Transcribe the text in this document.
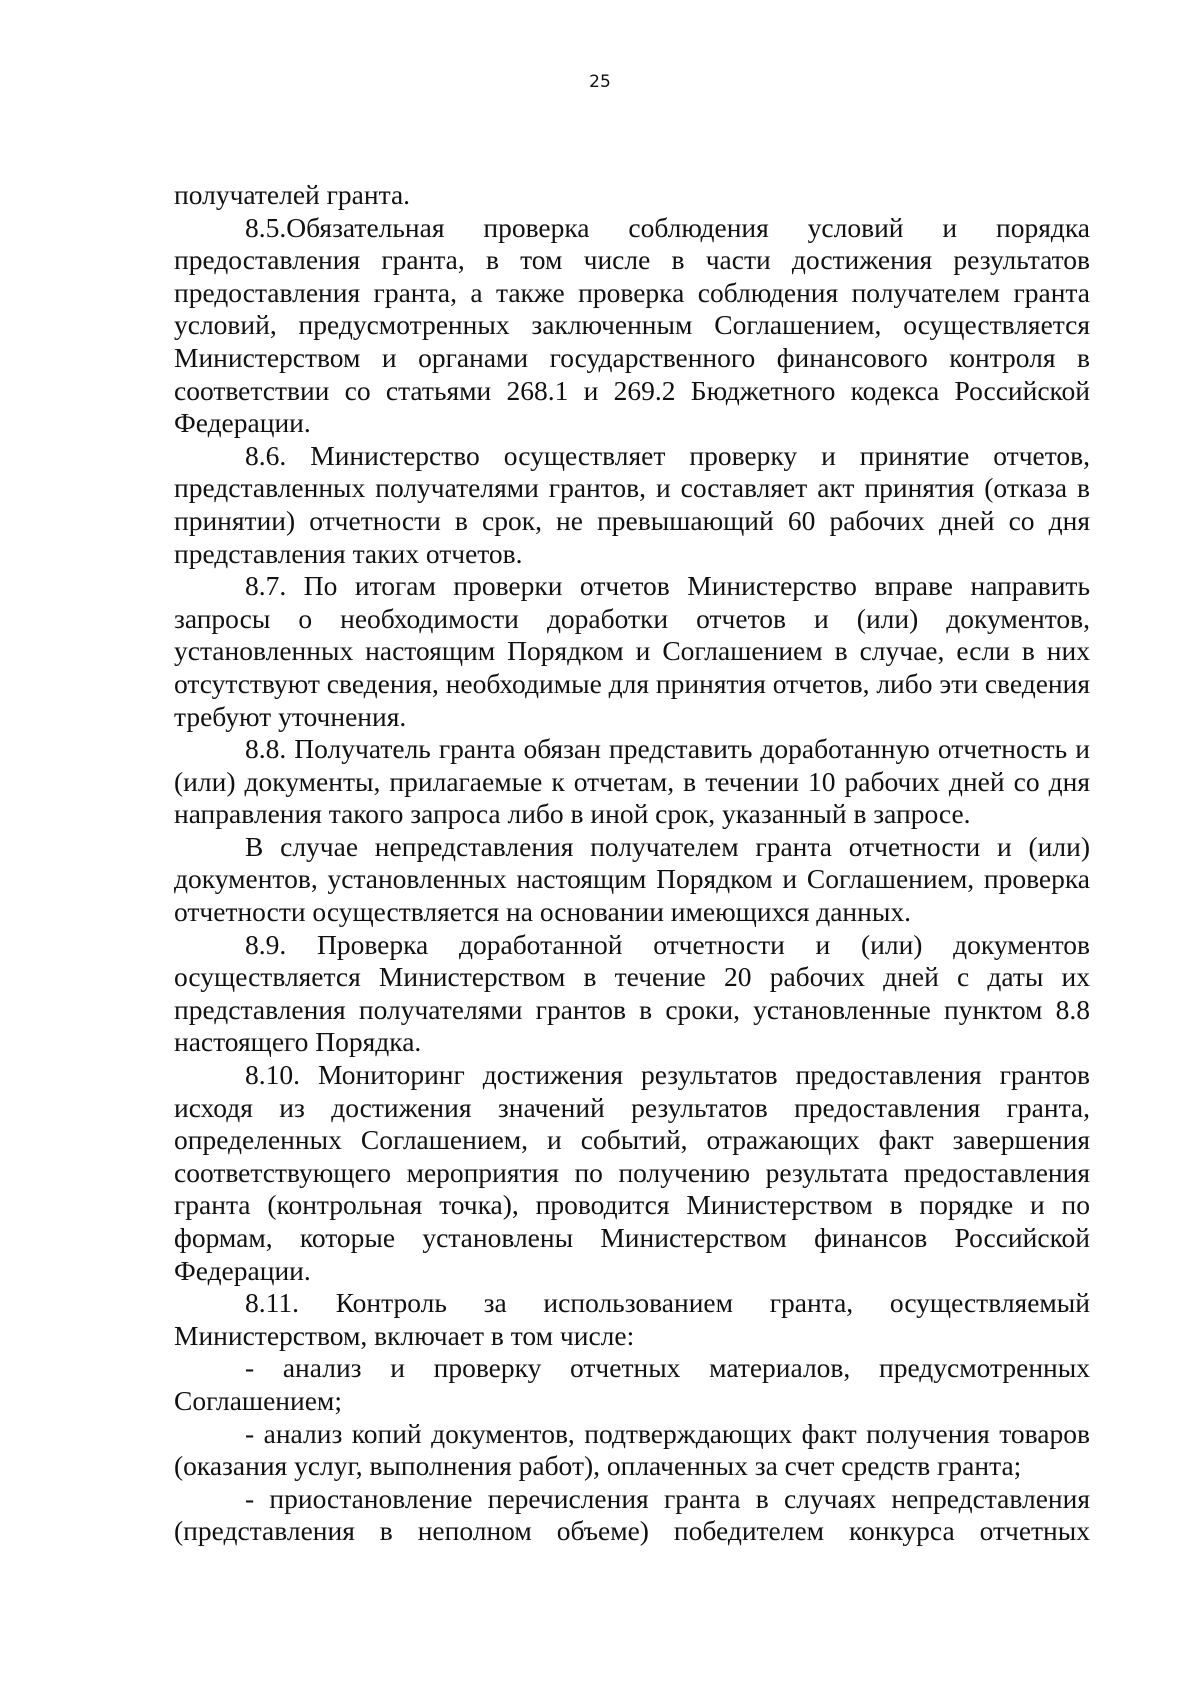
25

получателей гранта.

8.5.Обязательная проверка соблюдения условий и порядка предоставления гранта, в том числе в части достижения результатов предоставления гранта, а также проверка соблюдения получателем гранта условий, предусмотренных заключенным Соглашением, осуществляется Министерством и органами государственного финансового контроля в соответствии со статьями 268.1 и 269.2 Бюджетного кодекса Российской Федерации.

8.6. Министерство осуществляет проверку и принятие отчетов, представленных получателями грантов, и составляет акт принятия (отказа в принятии) отчетности в срок, не превышающий 60 рабочих дней со дня представления таких отчетов.

8.7. По итогам проверки отчетов Министерство вправе направить запросы о необходимости доработки отчетов и (или) документов, установленных настоящим Порядком и Соглашением в случае, если в них отсутствуют сведения, необходимые для принятия отчетов, либо эти сведения требуют уточнения.

8.8. Получатель гранта обязан представить доработанную отчетность и (или) документы, прилагаемые к отчетам, в течении 10 рабочих дней со дня направления такого запроса либо в иной срок, указанный в запросе.

В случае непредставления получателем гранта отчетности и (или) документов, установленных настоящим Порядком и Соглашением, проверка отчетности осуществляется на основании имеющихся данных.

8.9. Проверка доработанной отчетности и (или) документов осуществляется Министерством в течение 20 рабочих дней с даты их представления получателями грантов в сроки, установленные пунктом 8.8 настоящего Порядка.

8.10. Мониторинг достижения результатов предоставления грантов исходя из достижения значений результатов предоставления гранта, определенных Соглашением, и событий, отражающих факт завершения соответствующего мероприятия по получению результата предоставления гранта (контрольная точка), проводится Министерством в порядке и по формам, которые установлены Министерством финансов Российской Федерации.

8.11. Контроль за использованием гранта, осуществляемый Министерством, включает в том числе:

- анализ и проверку отчетных материалов, предусмотренных Соглашением;

- анализ копий документов, подтверждающих факт получения товаров (оказания услуг, выполнения работ), оплаченных за счет средств гранта;

- приостановление перечисления гранта в случаях непредставления (представления в неполном объеме) победителем конкурса отчетных
